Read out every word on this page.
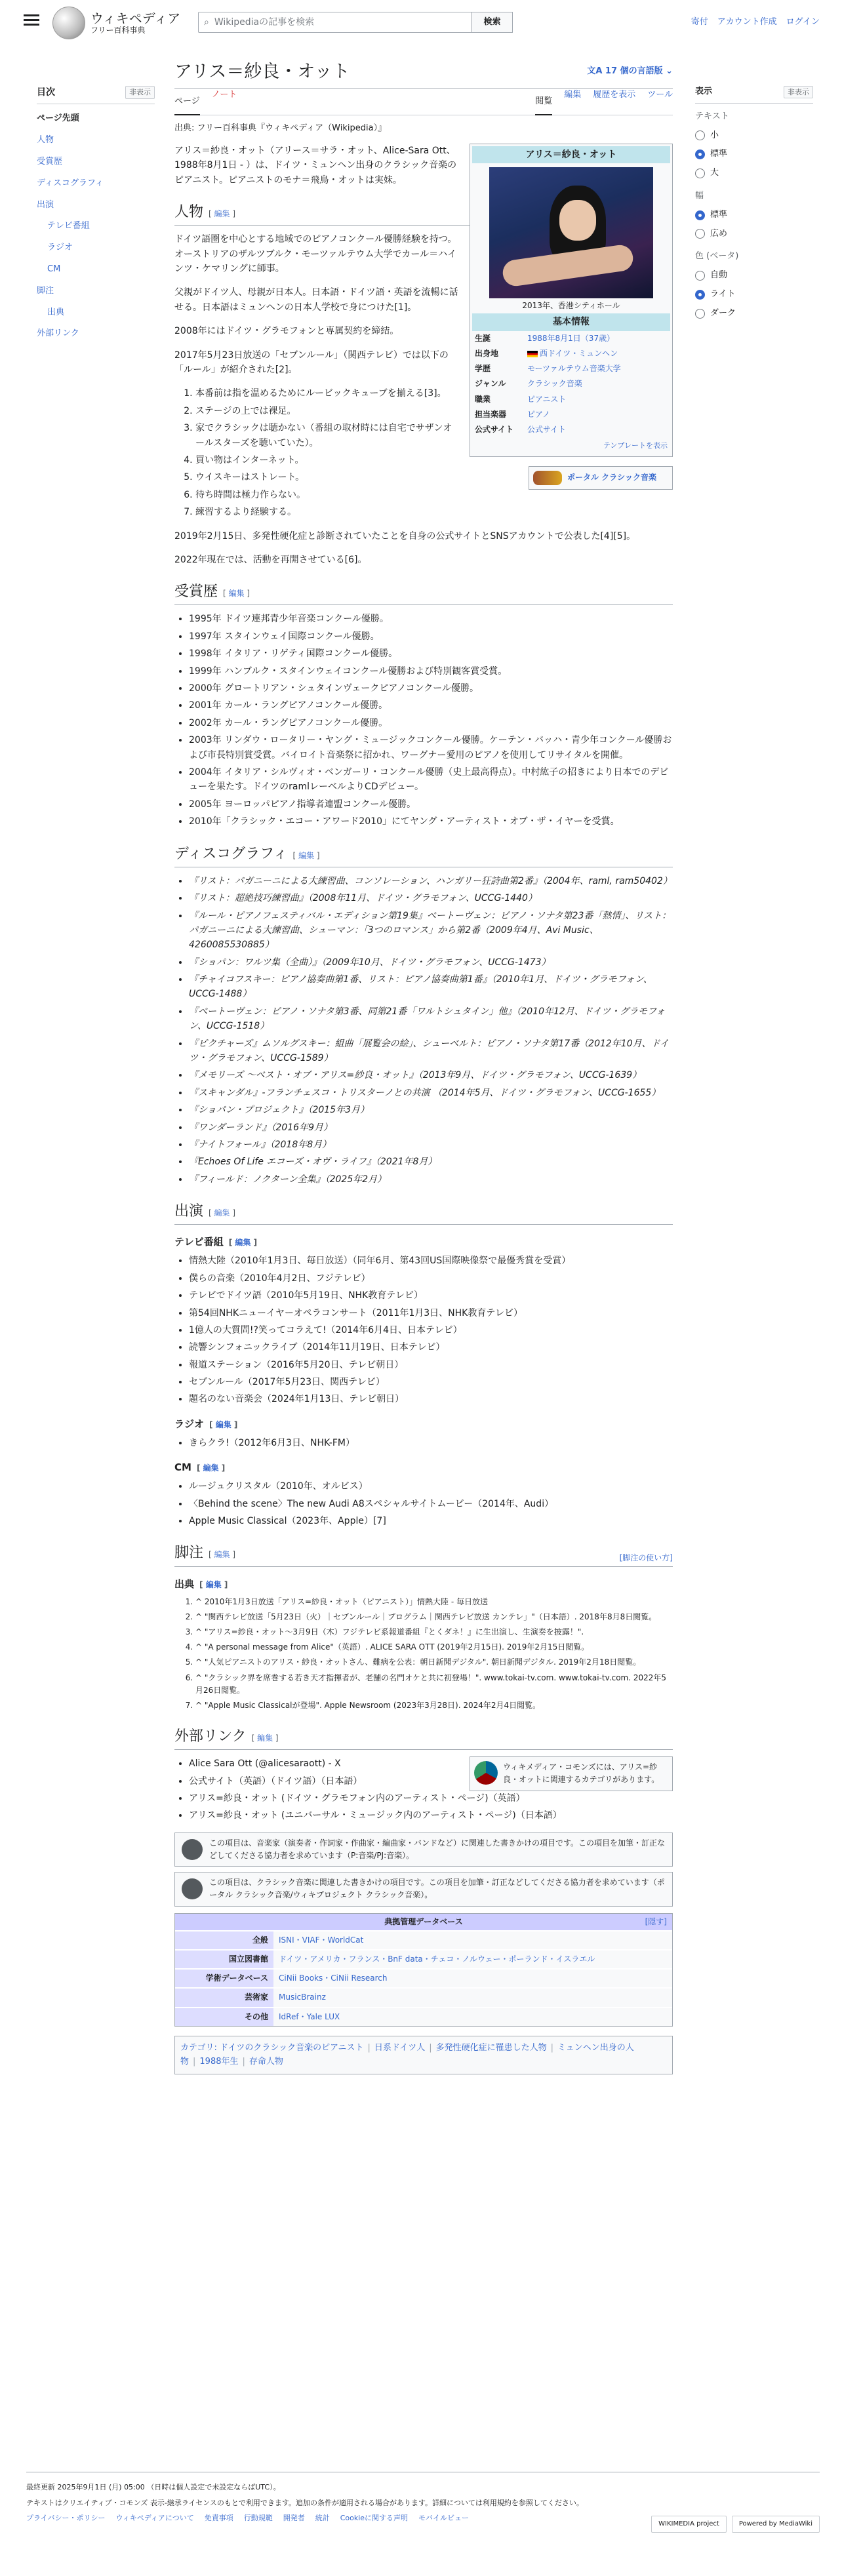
ウィキペディア
フリー百科事典
⌕ Wikipediaの記事を検索	検索	寄付 アカウント作成 ログイン
目次	非表示
ページ先頭
人物
受賞歴
ディスコグラフィ
出演
テレビ番組
ラジオ
CM
脚注
出典
外部リンク
アリス＝紗良・オット	文A 17 個の言語版 ⌄
ページ
ノート
閲覧
編集 履歴を表示 ツール
出典: フリー百科事典『ウィキペディア（Wikipedia）』
アリス＝紗良・オット
2013年、香港シティホール
基本情報
生誕	1988年8月1日（37歳）
出身地	西ドイツ・ミュンヘン
学歴	モーツァルテウム音楽大学
ジャンル	クラシック音楽
職業	ピアニスト
担当楽器	ピアノ
公式サイト	公式サイト
テンプレートを表示
ポータル クラシック音楽

アリス＝紗良・オット（アリース＝サラ・オット、Alice-Sara Ott、1988年8月1日 - ）は、ドイツ・ミュンヘン出身のクラシック音楽のピアニスト。ピアニストのモナ＝飛鳥・オットは実妹。

人物 [ 編集 ]

ドイツ語圏を中心とする地域でのピアノコンクール優勝経験を持つ。オーストリアのザルツブルク・モーツァルテウム大学でカール＝ハインツ・ケマリングに師事。

父親がドイツ人、母親が日本人。日本語・ドイツ語・英語を流暢に話せる。日本語はミュンヘンの日本人学校で身につけた[1]。

2008年にはドイツ・グラモフォンと専属契約を締結。

2017年5月23日放送の「セブンルール」（関西テレビ）では以下の「ルール」が紹介された[2]。

1. 本番前は指を温めるためにルービックキューブを揃える[3]。
2. ステージの上では裸足。
3. 家でクラシックは聴かない（番組の取材時には自宅でサザンオールスターズを聴いていた）。
4. 買い物はインターネット。
5. ウイスキーはストレート。
6. 待ち時間は極力作らない。
7. 練習するより経験する。

2019年2月15日、多発性硬化症と診断されていたことを自身の公式サイトとSNSアカウントで公表した[4][5]。

2022年現在では、活動を再開させている[6]。

受賞歴 [ 編集 ]
• 1995年 ドイツ連邦青少年音楽コンクール優勝。
• 1997年 スタインウェイ国際コンクール優勝。
• 1998年 イタリア・リゲティ国際コンクール優勝。
• 1999年 ハンブルク・スタインウェイコンクール優勝および特別観客賞受賞。
• 2000年 グロートリアン・シュタインヴェークピアノコンクール優勝。
• 2001年 カール・ラングピアノコンクール優勝。
• 2002年 カール・ラングピアノコンクール優勝。
• 2003年 リンダウ・ロータリー・ヤング・ミュージックコンクール優勝。ケーテン・バッハ・青少年コンクール優勝および市長特別賞受賞。バイロイト音楽祭に招かれ、ワーグナー愛用のピアノを使用してリサイタルを開催。
• 2004年 イタリア・シルヴィオ・ベンガーリ・コンクール優勝（史上最高得点）。中村紘子の招きにより日本でのデビューを果たす。ドイツのramlレーベルよりCDデビュー。
• 2005年 ヨーロッパピアノ指導者連盟コンクール優勝。
• 2010年「クラシック・エコー・アワード2010」にてヤング・アーティスト・オブ・ザ・イヤーを受賞。
ディスコグラフィ [ 編集 ]
• 『リスト：パガニーニによる大練習曲、コンソレーション、ハンガリー狂詩曲第2番』（2004年、raml, ram50402）
• 『リスト：超絶技巧練習曲』（2008年11月、ドイツ・グラモフォン、UCCG-1440）
• 『ルール・ピアノフェスティバル・エディション第19集』ベートーヴェン：ピアノ・ソナタ第23番「熱情」、リスト：パガニーニによる大練習曲、シューマン：「3つのロマンス」から第2番（2009年4月、Avi Music、4260085530885）
• 『ショパン：ワルツ集（全曲）』（2009年10月、ドイツ・グラモフォン、UCCG-1473）
• 『チャイコフスキー：ピアノ協奏曲第1番、リスト：ピアノ協奏曲第1番』（2010年1月、ドイツ・グラモフォン、UCCG-1488）
• 『ベートーヴェン：ピアノ・ソナタ第3番、同第21番「ワルトシュタイン」他』（2010年12月、ドイツ・グラモフォン、UCCG-1518）
• 『ピクチャーズ』ムソルグスキー：組曲「展覧会の絵」、シューベルト：ピアノ・ソナタ第17番（2012年10月、ドイツ・グラモフォン、UCCG-1589）
• 『メモリーズ 〜ベスト・オブ・アリス=紗良・オット』（2013年9月、ドイツ・グラモフォン、UCCG-1639）
• 『スキャンダル』-フランチェスコ・トリスターノとの共演 （2014年5月、ドイツ・グラモフォン、UCCG-1655）
• 『ショパン・プロジェクト』（2015年3月）
• 『ワンダーランド』（2016年9月）
• 『ナイトフォール』（2018年8月）
• 『Echoes Of Life エコーズ・オヴ・ライフ』（2021年8月）
• 『フィールド：ノクターン全集』（2025年2月）
出演 [ 編集 ]
テレビ番組 [ 編集 ]
• 情熱大陸（2010年1月3日、毎日放送）（同年6月、第43回US国際映像祭で最優秀賞を受賞）
• 僕らの音楽（2010年4月2日、フジテレビ）
• テレビでドイツ語（2010年5月19日、NHK教育テレビ）
• 第54回NHKニューイヤーオペラコンサート（2011年1月3日、NHK教育テレビ）
• 1億人の大質問!?笑ってコラえて!（2014年6月4日、日本テレビ）
• 読響シンフォニックライブ（2014年11月19日、日本テレビ）
• 報道ステーション（2016年5月20日、テレビ朝日）
• セブンルール（2017年5月23日、関西テレビ）
• 題名のない音楽会（2024年1月13日、テレビ朝日）
ラジオ [ 編集 ]
• きらクラ!（2012年6月3日、NHK-FM）
CM [ 編集 ]
• ルージュクリスタル（2010年、オルビス）
• 〈Behind the scene〉The new Audi A8スペシャルサイトムービー（2014年、Audi）
• Apple Music Classical（2023年、Apple）[7]
脚注 [ 編集 ]	[脚注の使い方]
出典 [ 編集 ]
1. ^ 2010年1月3日放送「アリス=紗良・オット（ピアニスト）」情熱大陸 - 毎日放送
2. ^ "関西テレビ放送「5月23日（火）｜セブンルール｜プログラム｜関西テレビ放送 カンテレ」"（日本語）. 2018年8月8日閲覧。
3. ^ "アリス=紗良・オット〜3月9日（木）フジテレビ系報道番組『とくダネ！』に生出演し、生演奏を披露！".
4. ^ "A personal message from Alice"（英語）. ALICE SARA OTT (2019年2月15日). 2019年2月15日閲覧。
5. ^ "人気ピアニストのアリス・紗良・オットさん、難病を公表：朝日新聞デジタル". 朝日新聞デジタル. 2019年2月18日閲覧。
6. ^ "クラシック界を席巻する若き天才指揮者が、老舗の名門オケと共に初登場！". www.tokai-tv.com. www.tokai-tv.com. 2022年5月26日閲覧。
7. ^ "Apple Music Classicalが登場". Apple Newsroom (2023年3月28日). 2024年2月4日閲覧。
外部リンク [ 編集 ]
ウィキメディア・コモンズには、アリス=紗良・オットに関連するカテゴリがあります。
• Alice Sara Ott (@alicesaraott) - X
• 公式サイト（英語）（ドイツ語）（日本語）
• アリス=紗良・オット (ドイツ・グラモフォン内のアーティスト・ページ)（英語）
• アリス=紗良・オット (ユニバーサル・ミュージック内のアーティスト・ページ)（日本語）
この項目は、音楽家（演奏者・作詞家・作曲家・編曲家・バンドなど）に関連した書きかけの項目です。この項目を加筆・訂正などしてくださる協力者を求めています（P:音楽/PJ:音楽）。
この項目は、クラシック音楽に関連した書きかけの項目です。この項目を加筆・訂正などしてくださる協力者を求めています（ポータル クラシック音楽/ウィキプロジェクト クラシック音楽）。
典拠管理データベース	[隠す]
全般	ISNI・VIAF・WorldCat
国立図書館	ドイツ・アメリカ・フランス・BnF data・チェコ・ノルウェー・ポーランド・イスラエル
学術データベース	CiNii Books・CiNii Research
芸術家	MusicBrainz
その他	IdRef・Yale LUX
カテゴリ: ドイツのクラシック音楽のピアニスト | 日系ドイツ人 | 多発性硬化症に罹患した人物 | ミュンヘン出身の人物 | 1988年生 | 存命人物
表示	非表示
テキスト
小
標準
大
幅
標準
広め
色 (ベータ)
自動
ライト
ダーク

最終更新 2025年9月1日 (月) 05:00 （日時は個人設定で未設定ならばUTC）。

テキストはクリエイティブ・コモンズ 表示-継承ライセンスのもとで利用できます。追加の条件が適用される場合があります。詳細については利用規約を参照してください。

プライバシー・ポリシー ウィキペディアについて 免責事項 行動規範 開発者 統計 Cookieに関する声明 モバイルビュー
WIKIMEDIA project	Powered by MediaWiki
